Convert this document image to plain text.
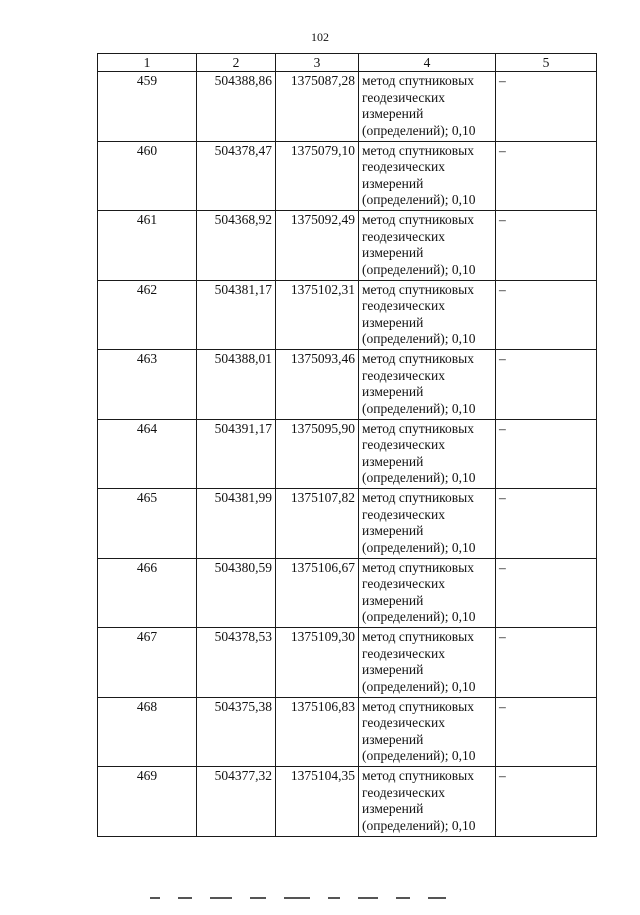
102
1	2	3	4	5
459	504388,86	1375087,28	метод спутниковых геодезических измерений (определений); 0,10	–
460	504378,47	1375079,10	метод спутниковых геодезических измерений (определений); 0,10	–
461	504368,92	1375092,49	метод спутниковых геодезических измерений (определений); 0,10	–
462	504381,17	1375102,31	метод спутниковых геодезических измерений (определений); 0,10	–
463	504388,01	1375093,46	метод спутниковых геодезических измерений (определений); 0,10	–
464	504391,17	1375095,90	метод спутниковых геодезических измерений (определений); 0,10	–
465	504381,99	1375107,82	метод спутниковых геодезических измерений (определений); 0,10	–
466	504380,59	1375106,67	метод спутниковых геодезических измерений (определений); 0,10	–
467	504378,53	1375109,30	метод спутниковых геодезических измерений (определений); 0,10	–
468	504375,38	1375106,83	метод спутниковых геодезических измерений (определений); 0,10	–
469	504377,32	1375104,35	метод спутниковых геодезических измерений (определений); 0,10	–
